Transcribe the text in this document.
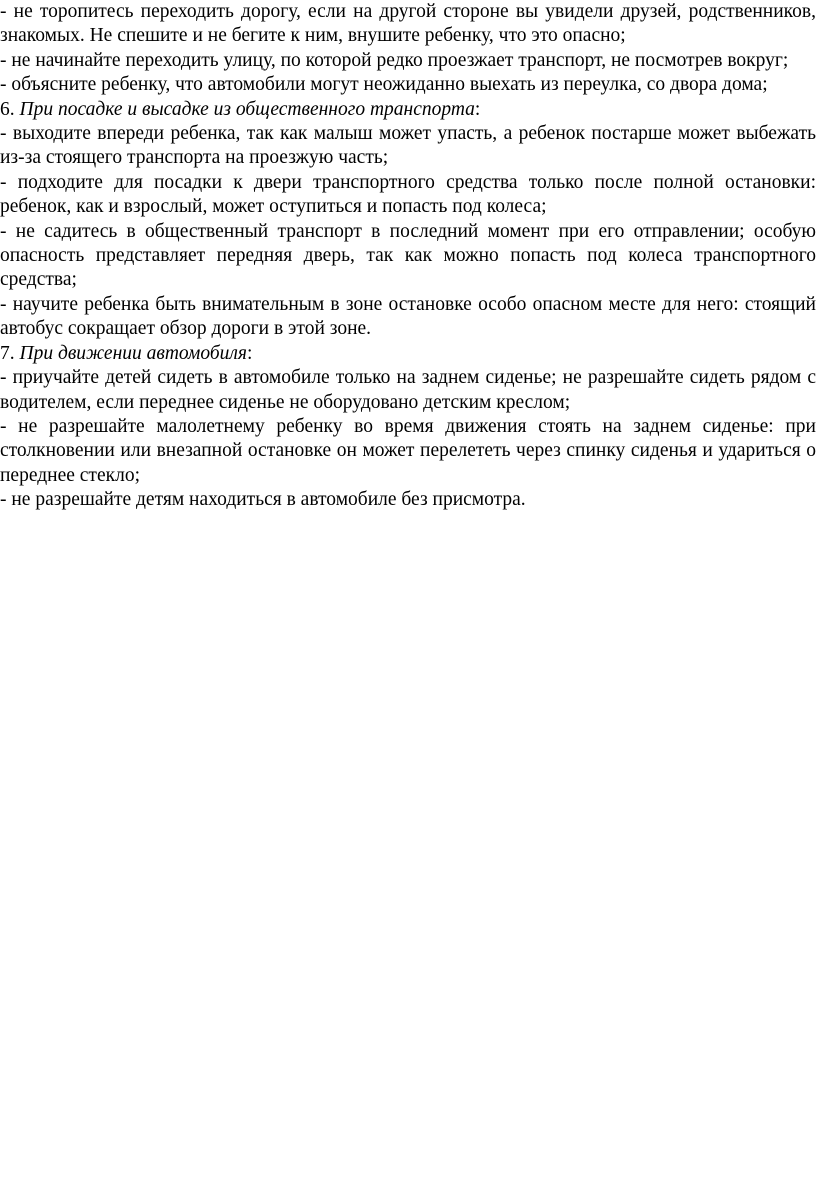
- не торопитесь переходить дорогу, если на другой стороне вы увидели друзей, родственников, знакомых. Не спешите и не бегите к ним, внушите ребенку, что это опасно;

- не начинайте переходить улицу, по которой редко проезжает транспорт, не посмотрев вокруг;

- объясните ребенку, что автомобили могут неожиданно выехать из переулка, со двора дома;

6. При посадке и высадке из общественного транспорта:

- выходите впереди ребенка, так как малыш может упасть, а ребенок постарше может выбежать из-за стоящего транспорта на проезжую часть;

- подходите для посадки к двери транспортного средства только после полной остановки: ребенок, как и взрослый, может оступиться и попасть под колеса;

- не садитесь в общественный транспорт в последний момент при его отправлении; особую опасность представляет передняя дверь, так как можно попасть под колеса транспортного средства;

- научите ребенка быть внимательным в зоне остановке особо опасном месте для него: стоящий автобус сокращает обзор дороги в этой зоне.

7. При движении автомобиля:

- приучайте детей сидеть в автомобиле только на заднем сиденье; не разрешайте сидеть рядом с водителем, если переднее сиденье не оборудовано детским креслом;

- не разрешайте малолетнему ребенку во время движения стоять на заднем сиденье: при столкновении или внезапной остановке он может перелететь через спинку сиденья и удариться о переднее стекло;

- не разрешайте детям находиться в автомобиле без присмотра.
